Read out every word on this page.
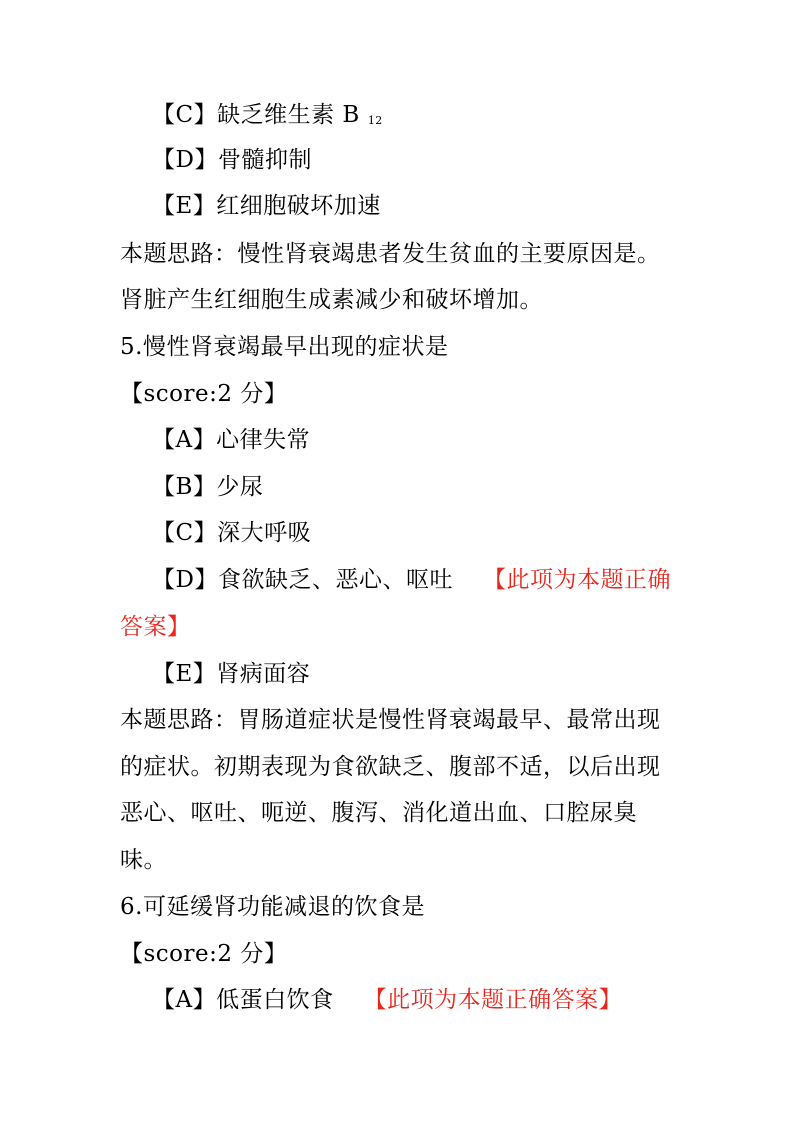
【C】缺乏维生素 B 12
【D】骨髓抑制
【E】红细胞破坏加速
本题思路：慢性肾衰竭患者发生贫血的主要原因是。
肾脏产生红细胞生成素减少和破坏增加。
5.慢性肾衰竭最早出现的症状是
【score:2 分】
【A】心律失常
【B】少尿
【C】深大呼吸
【D】食欲缺乏、恶心、呕吐 【此项为本题正确
答案】
【E】肾病面容
本题思路：胃肠道症状是慢性肾衰竭最早、最常出现
的症状。初期表现为食欲缺乏、腹部不适，以后出现
恶心、呕吐、呃逆、腹泻、消化道出血、口腔尿臭
味。
6.可延缓肾功能减退的饮食是
【score:2 分】
【A】低蛋白饮食 【此项为本题正确答案】
